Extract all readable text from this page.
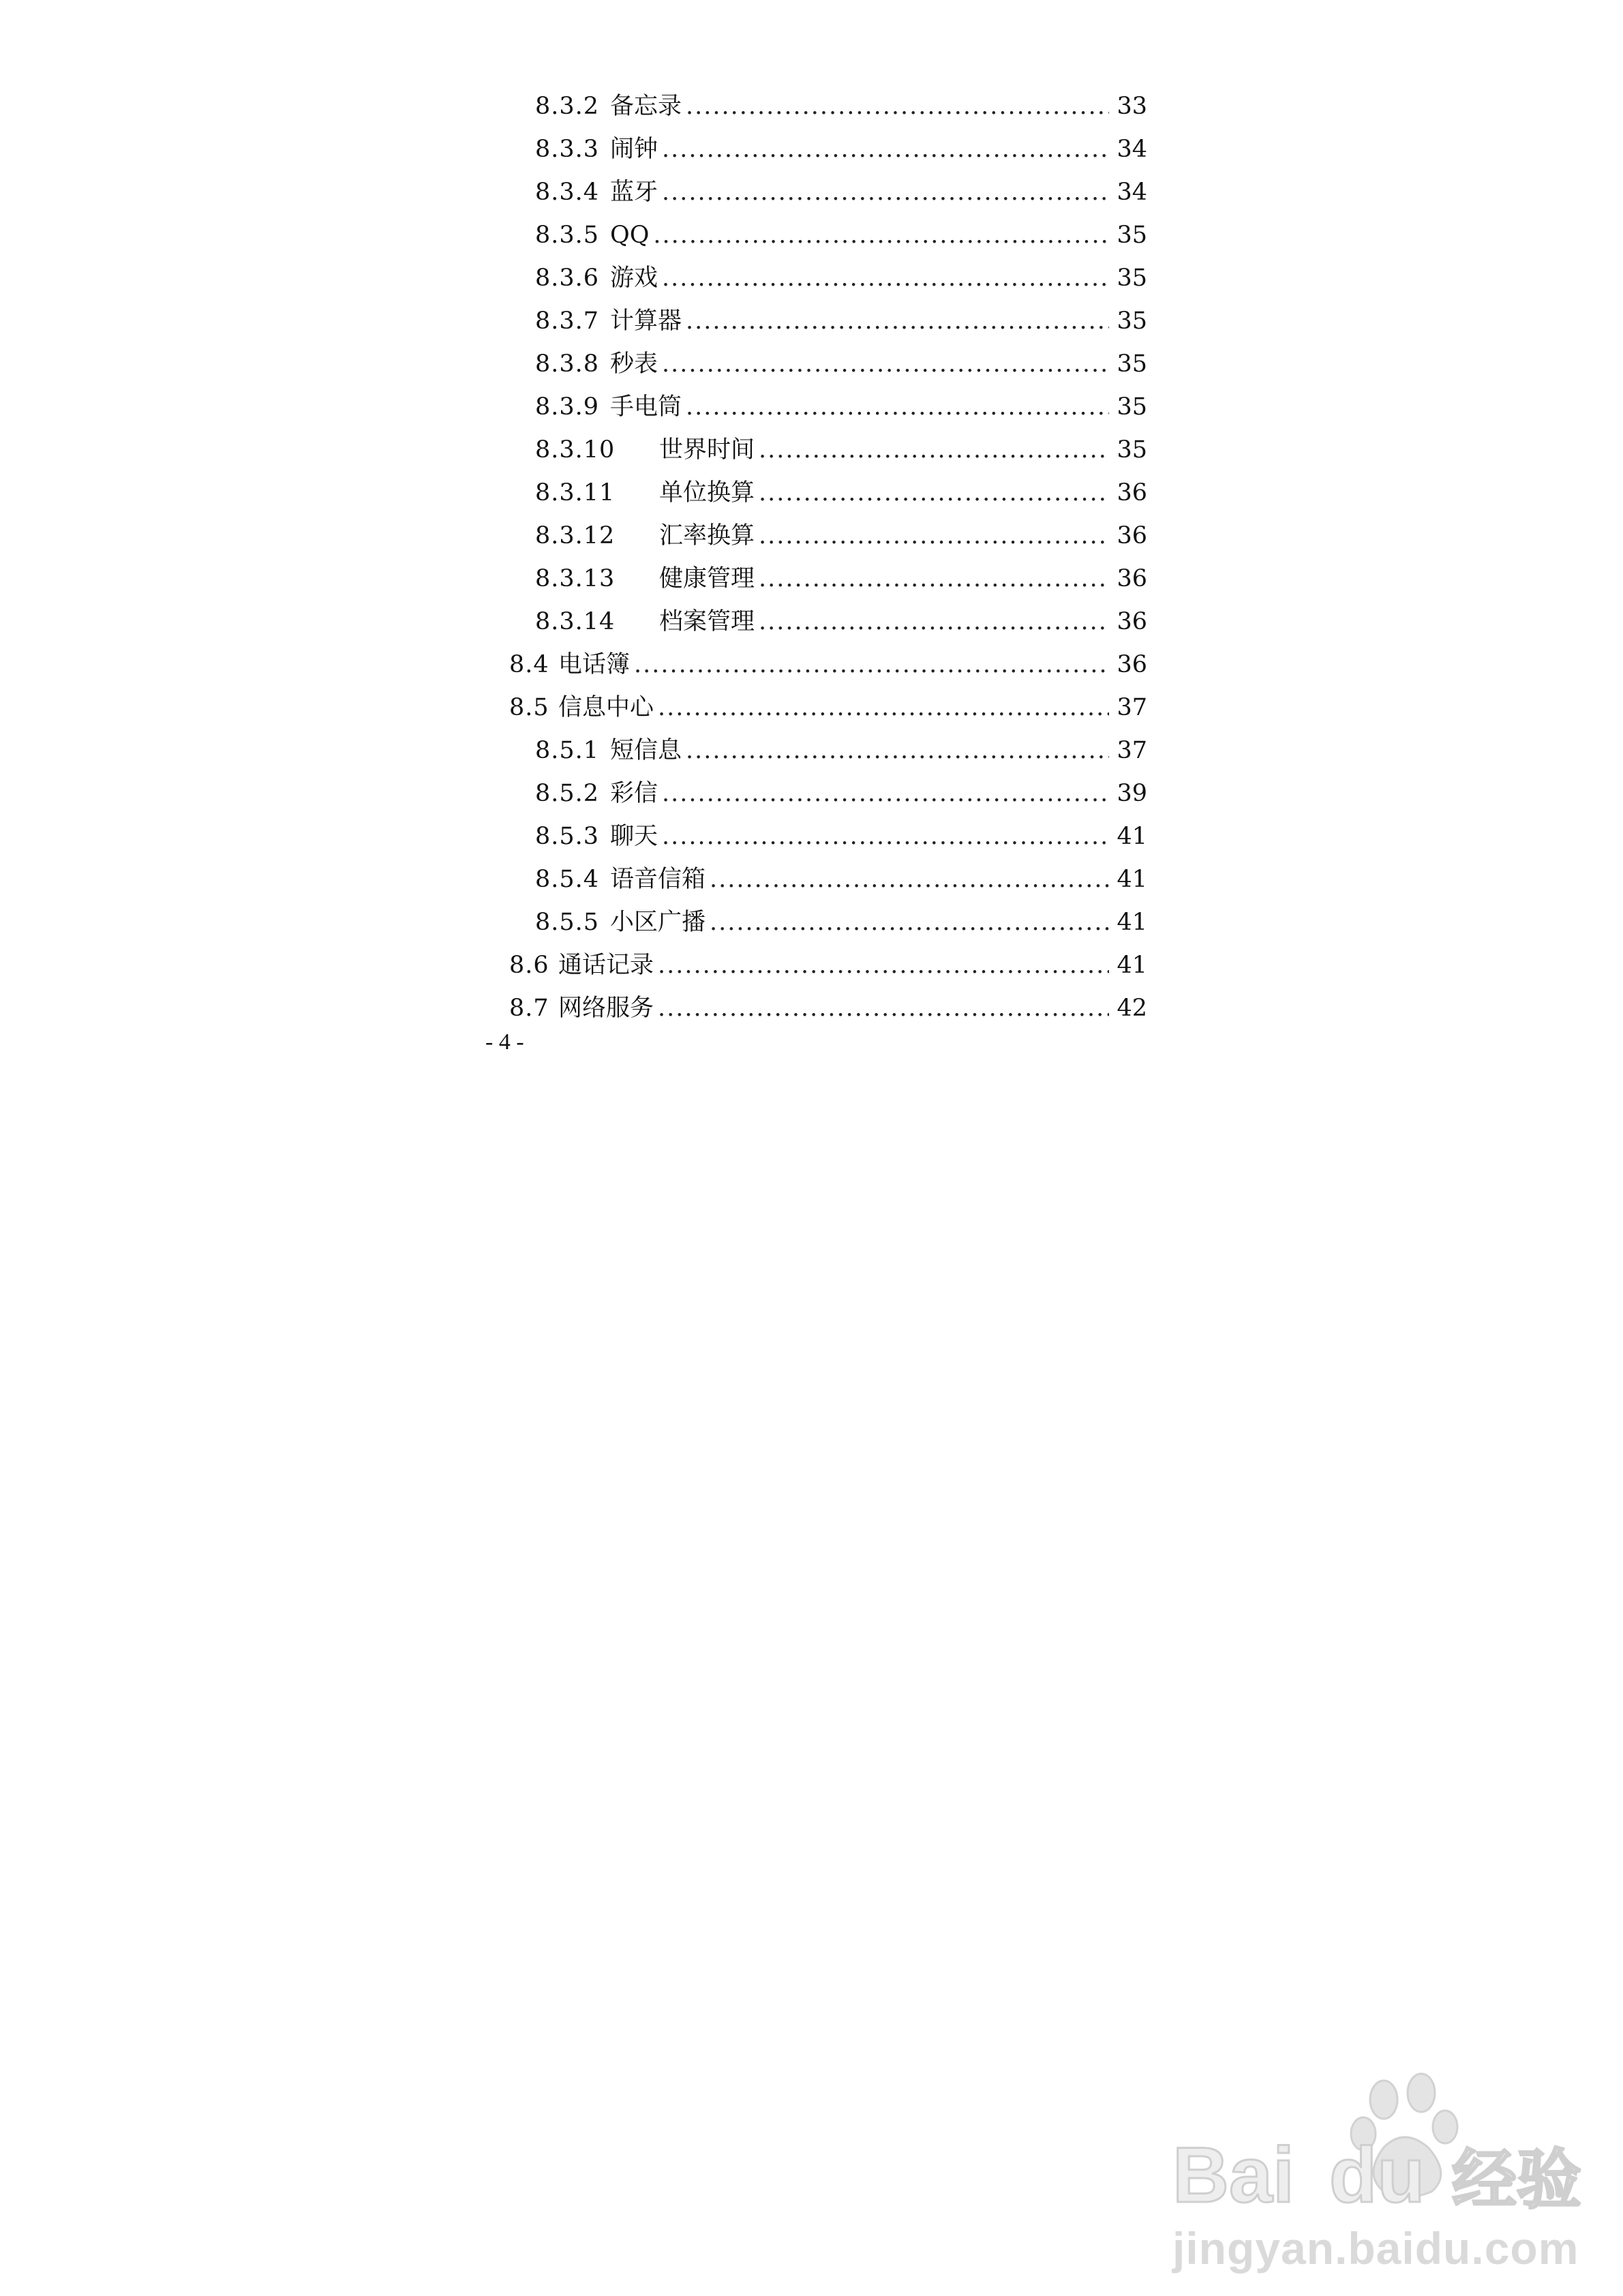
8.3.2 备忘录 .....	33
8.3.3 闹钟 .....	34
8.3.4 蓝牙 .....	34
8.3.5 QQ .....	35
8.3.6 游戏 .....	35
8.3.7 计算器 .....	35
8.3.8 秒表 .....	35
8.3.9 手电筒 .....	35
8.3.10	世界时间 .....	35
8.3.11	单位换算 .....	36
8.3.12	汇率换算 .....	36
8.3.13	健康管理 .....	36
8.3.14	档案管理 .....	36
8.4 电话簿 .....	36
8.5 信息中心 .....	37
8.5.1 短信息 .....	37
8.5.2 彩信 .....	39
8.5.3 聊天 .....	41
8.5.4 语音信箱 .....	41
8.5.5 小区广播 .....	41
8.6 通话记录 .....	41
8.7 网络服务 .....	42
- 4 -
Bai du 经验
jingyan.baidu.com
